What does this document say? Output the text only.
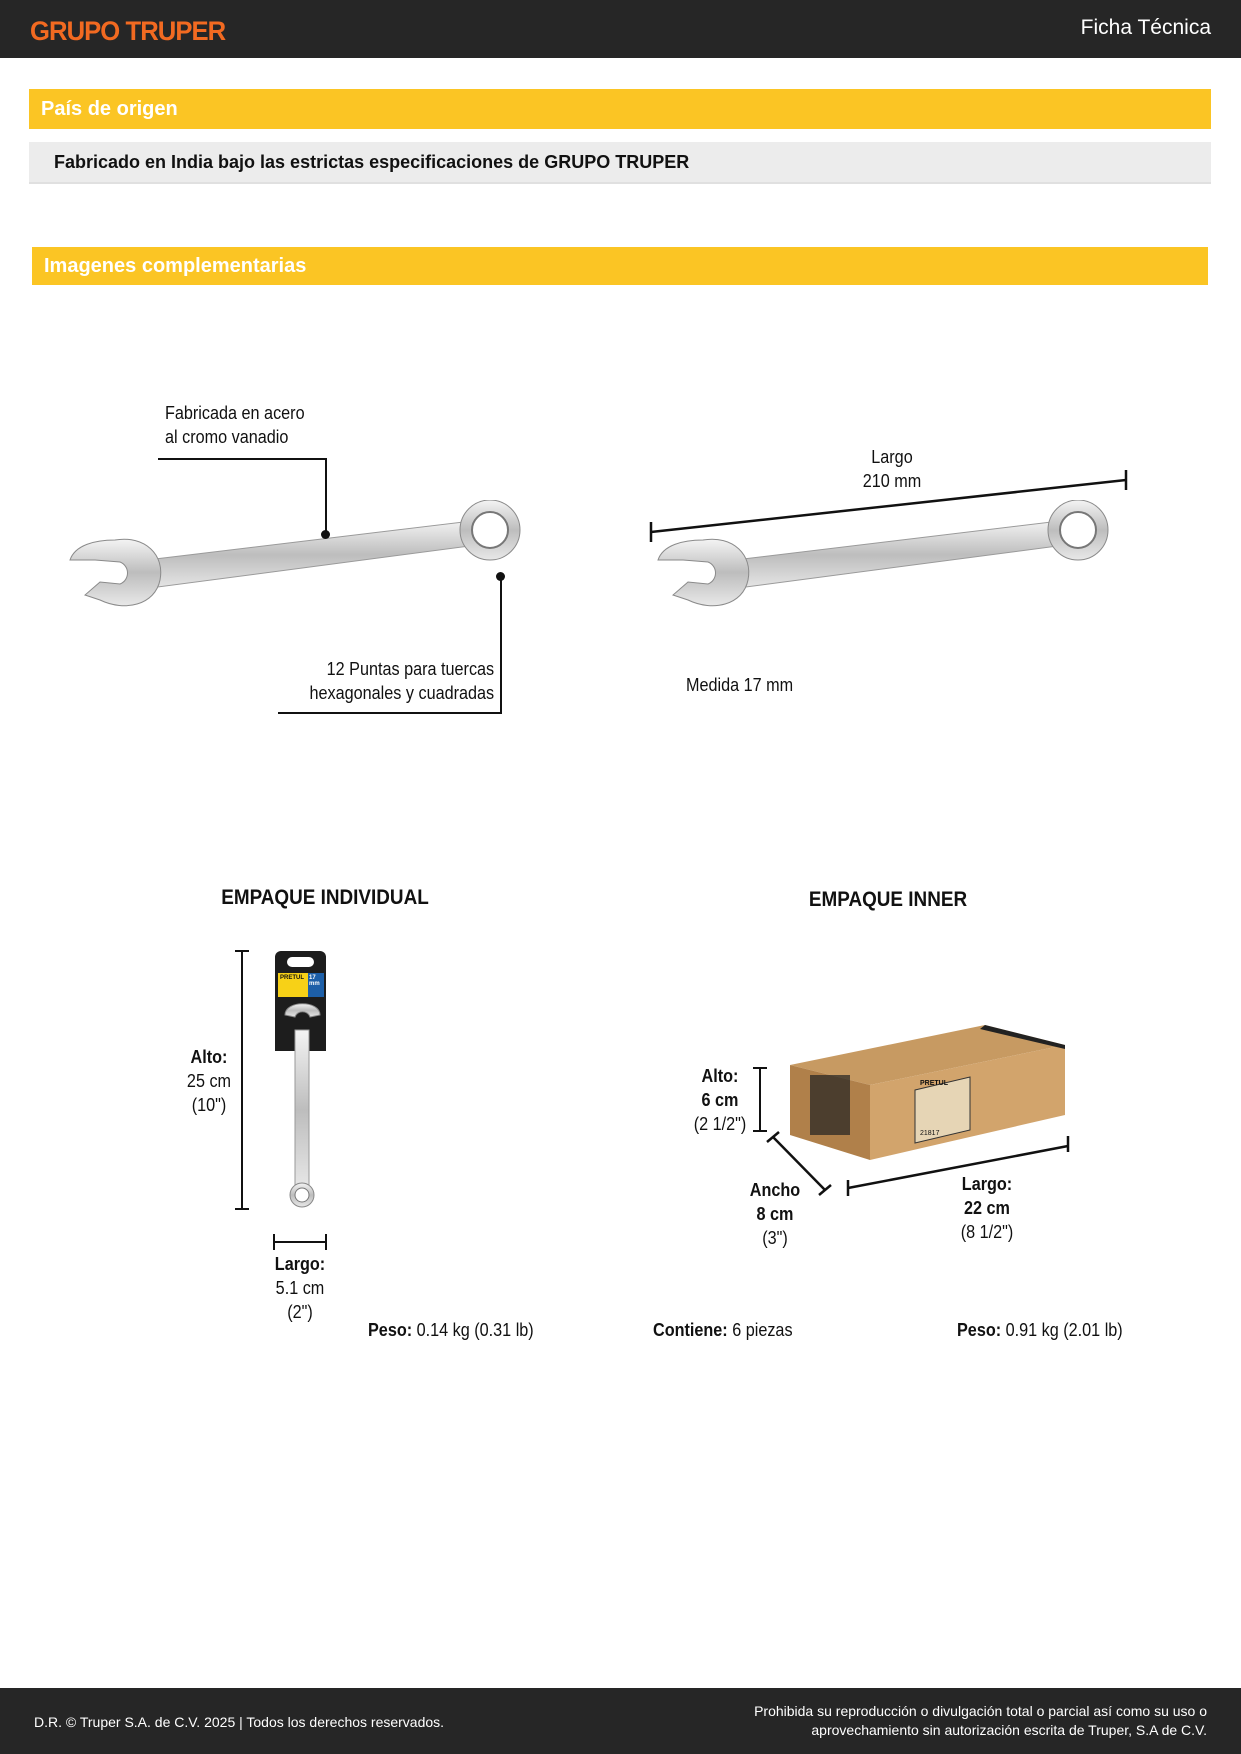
GRUPO TRUPER	Ficha Técnica
País de origen
Fabricado en India bajo las estrictas especificaciones de GRUPO TRUPER
Imagenes complementarias
Fabricada en acero
al cromo vanadio
12 Puntas para tuercas
hexagonales y cuadradas
Largo
210 mm
Medida 17 mm
EMPAQUE INDIVIDUAL
Alto:
25 cm
(10")
PRETUL 17 mm
Largo:
5.1 cm
(2")
Peso: 0.14 kg (0.31 lb)
EMPAQUE INNER
PRETUL
21817
Alto:
6 cm
(2 1/2")
Ancho
8 cm
(3")
Largo:
22 cm
(8 1/2")
Contiene: 6 piezas	Peso: 0.91 kg (2.01 lb)
D.R. © Truper S.A. de C.V. 2025 | Todos los derechos reservados.
Prohibida su reproducción o divulgación total o parcial así como su uso o
aprovechamiento sin autorización escrita de Truper, S.A de C.V.
